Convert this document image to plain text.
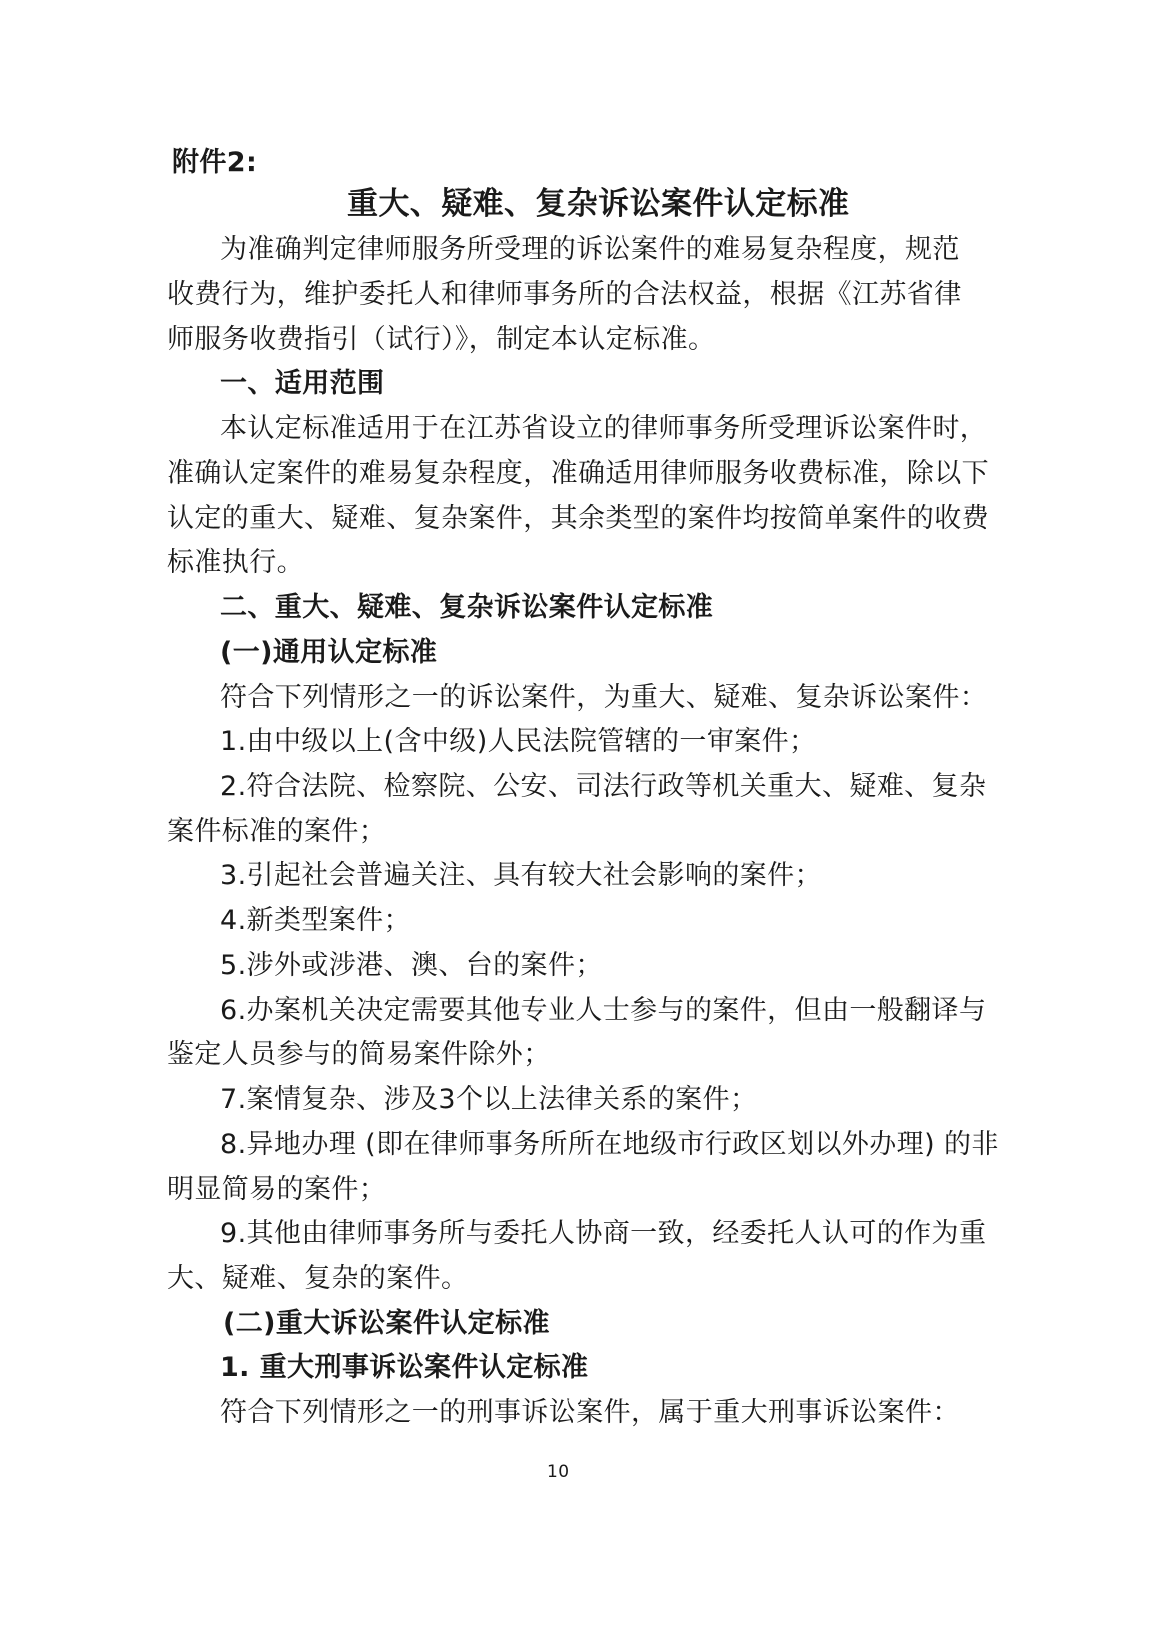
附件2:
重大、疑难、复杂诉讼案件认定标准
为准确判定律师服务所受理的诉讼案件的难易复杂程度，规范
收费行为，维护委托人和律师事务所的合法权益，根据《江苏省律
师服务收费指引（试行）》，制定本认定标准。
一、适用范围
本认定标准适用于在江苏省设立的律师事务所受理诉讼案件时，
准确认定案件的难易复杂程度，准确适用律师服务收费标准，除以下
认定的重大、疑难、复杂案件，其余类型的案件均按简单案件的收费
标准执行。
二、重大、疑难、复杂诉讼案件认定标准
(一)通用认定标准
符合下列情形之一的诉讼案件，为重大、疑难、复杂诉讼案件：
1.由中级以上(含中级)人民法院管辖的一审案件；
2.符合法院、检察院、公安、司法行政等机关重大、疑难、复杂
案件标准的案件；
3.引起社会普遍关注、具有较大社会影响的案件；
4.新类型案件；
5.涉外或涉港、澳、台的案件；
6.办案机关决定需要其他专业人士参与的案件，但由一般翻译与
鉴定人员参与的简易案件除外；
7.案情复杂、涉及3个以上法律关系的案件；
8.异地办理 (即在律师事务所所在地级市行政区划以外办理) 的非
明显简易的案件；
9.其他由律师事务所与委托人协商一致，经委托人认可的作为重
大、疑难、复杂的案件。
(二)重大诉讼案件认定标准
1. 重大刑事诉讼案件认定标准
符合下列情形之一的刑事诉讼案件，属于重大刑事诉讼案件：
10
